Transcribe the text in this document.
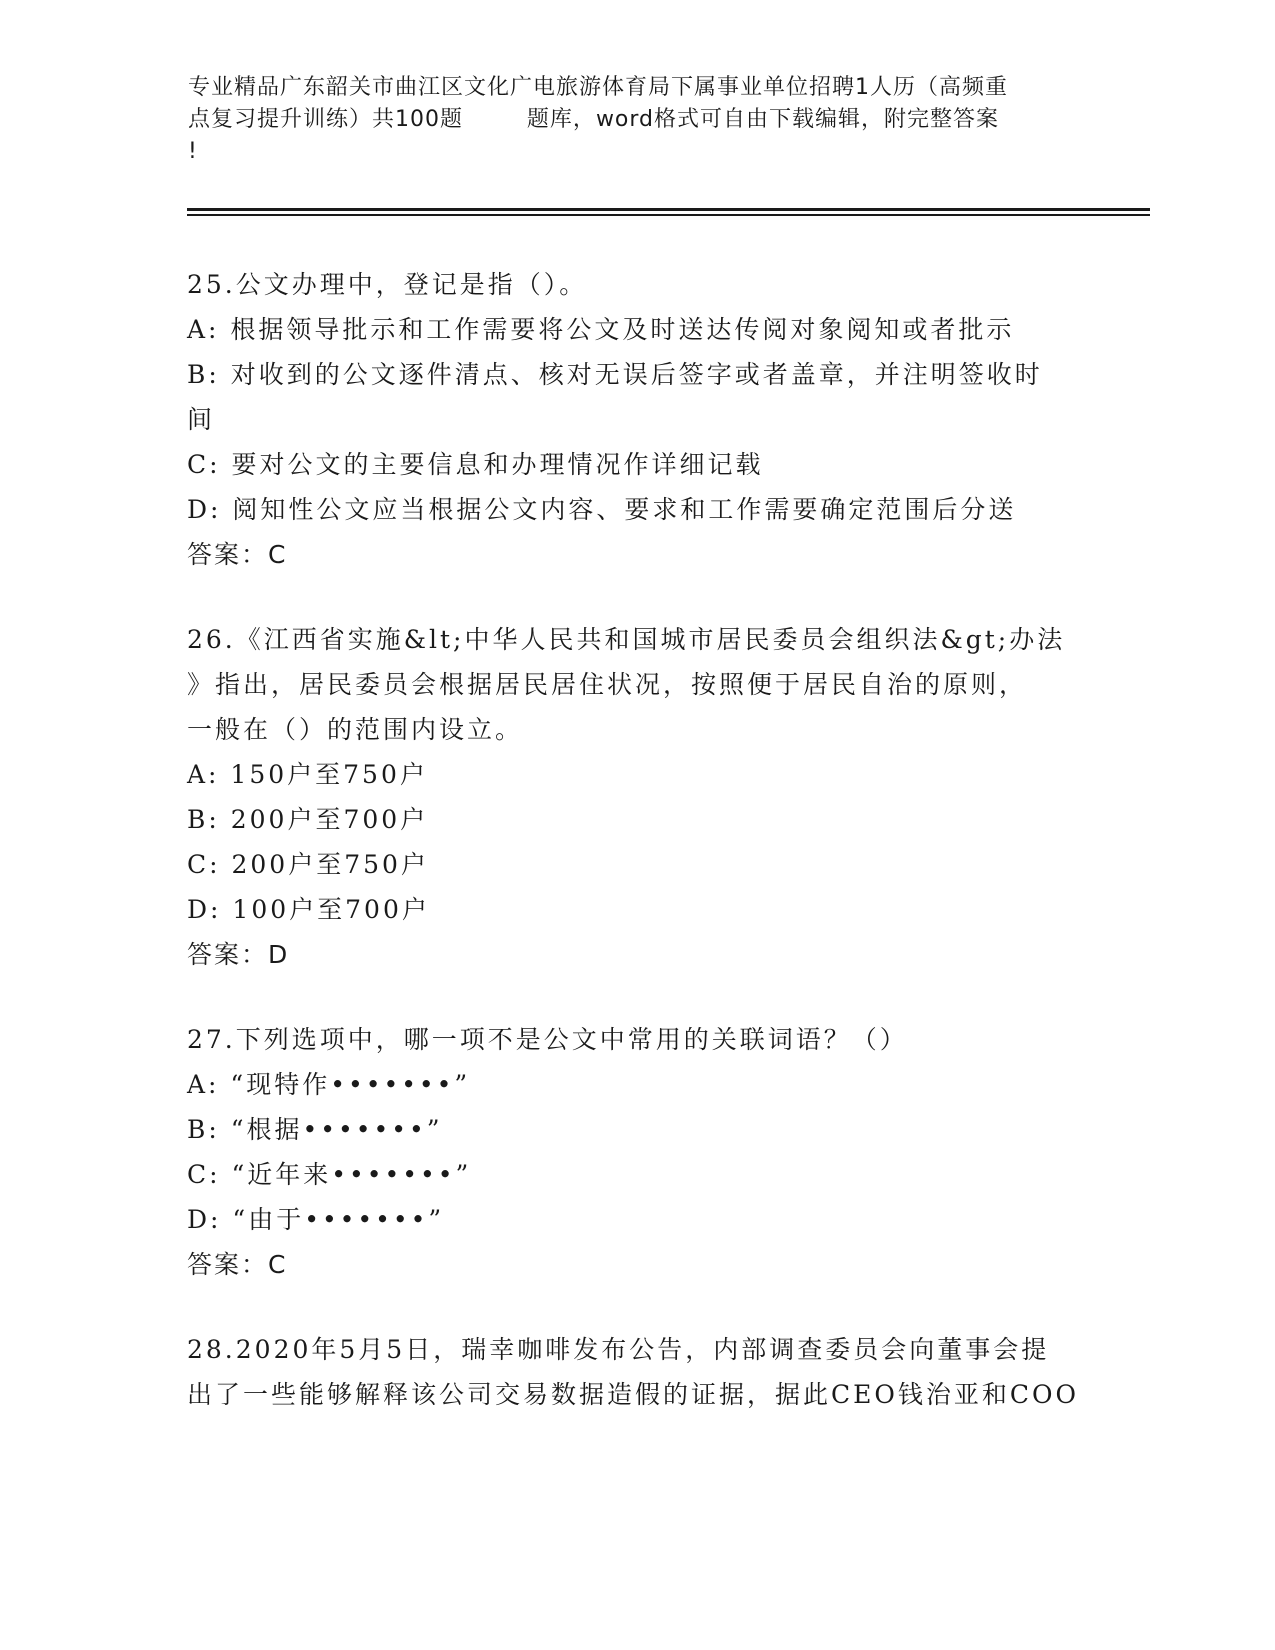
专业精品广东韶关市曲江区文化广电旅游体育局下属事业单位招聘1人历（高频重
点复习提升训练）共100题        题库，word格式可自由下载编辑，附完整答案
!
25.公文办理中，登记是指（）。
A: 根据领导批示和工作需要将公文及时送达传阅对象阅知或者批示
B: 对收到的公文逐件清点、核对无误后签字或者盖章，并注明签收时
间
C: 要对公文的主要信息和办理情况作详细记载
D: 阅知性公文应当根据公文内容、要求和工作需要确定范围后分送
答案：C
26.《江西省实施&lt;中华人民共和国城市居民委员会组织法&gt;办法
》指出，居民委员会根据居民居住状况，按照便于居民自治的原则，
一般在（）的范围内设立。
A: 150户至750户
B: 200户至700户
C: 200户至750户
D: 100户至700户
答案：D
27.下列选项中，哪一项不是公文中常用的关联词语？（）
A: “现特作•••••••”
B: “根据•••••••”
C: “近年来•••••••”
D: “由于•••••••”
答案：C
28.2020年5月5日，瑞幸咖啡发布公告，内部调查委员会向董事会提
出了一些能够解释该公司交易数据造假的证据，据此CEO钱治亚和COO
